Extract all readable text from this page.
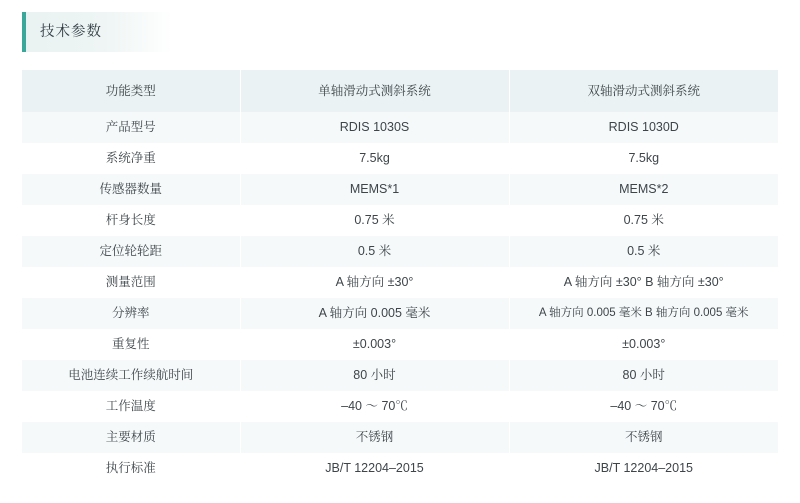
技术参数
功能类型	单轴滑动式测斜系统	双轴滑动式测斜系统
产品型号	RDIS 1030S	RDIS 1030D
系统净重	7.5kg	7.5kg
传感器数量	MEMS*1	MEMS*2
杆身长度	0.75 米	0.75 米
定位轮轮距	0.5 米	0.5 米
测量范围	A 轴方向 ±30°	A 轴方向 ±30° B 轴方向 ±30°
分辨率	A 轴方向 0.005 毫米	A 轴方向 0.005 毫米 B 轴方向 0.005 毫米
重复性	±0.003°	±0.003°
电池连续工作续航时间	80 小时	80 小时
工作温度	–40 ～ 70℃	–40 ～ 70℃
主要材质	不锈钢	不锈钢
执行标准	JB/T 12204–2015	JB/T 12204–2015
